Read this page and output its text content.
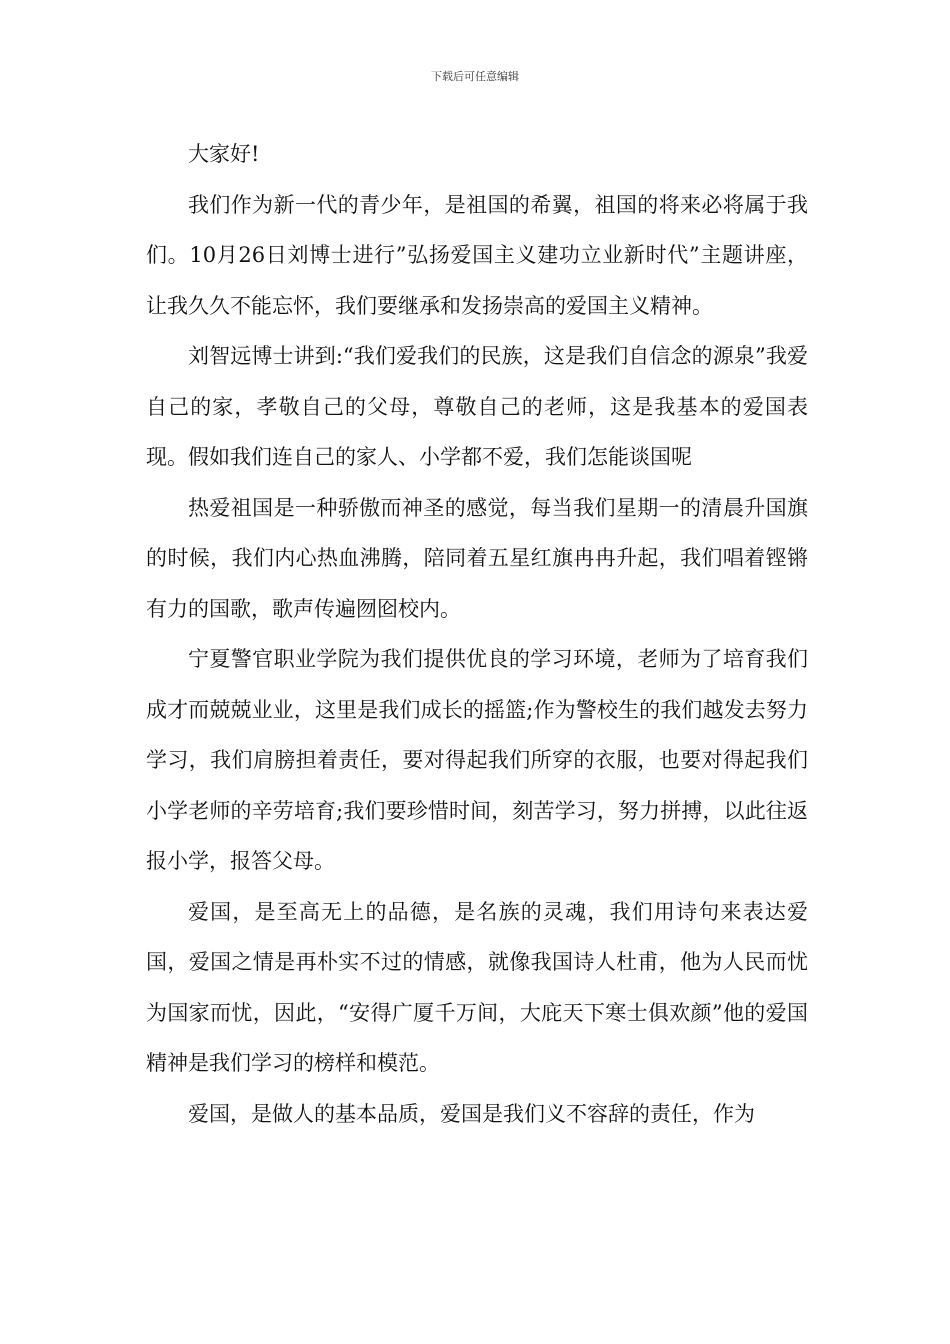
下载后可任意编辑

大家好!

我们作为新一代的青少年，是祖国的希翼，祖国的将来必将属于我们。10月26日刘博士进行”弘扬爱国主义建功立业新时代”主题讲座，让我久久不能忘怀，我们要继承和发扬崇高的爱国主义精神。

刘智远博士讲到:“我们爱我们的民族，这是我们自信念的源泉”我爱自己的家，孝敬自己的父母，尊敬自己的老师，这是我基本的爱国表现。假如我们连自己的家人、小学都不爱，我们怎能谈国呢

热爱祖国是一种骄傲而神圣的感觉，每当我们星期一的清晨升国旗的时候，我们内心热血沸腾，陪同着五星红旗冉冉升起，我们唱着铿锵有力的国歌，歌声传遍囫囵校内。

宁夏警官职业学院为我们提供优良的学习环境，老师为了培育我们成才而兢兢业业，这里是我们成长的摇篮;作为警校生的我们越发去努力学习，我们肩膀担着责任，要对得起我们所穿的衣服，也要对得起我们小学老师的辛劳培育;我们要珍惜时间，刻苦学习，努力拼搏，以此往返报小学，报答父母。

爱国，是至高无上的品德，是名族的灵魂，我们用诗句来表达爱国，爱国之情是再朴实不过的情感，就像我国诗人杜甫，他为人民而忧为国家而忧，因此，“安得广厦千万间，大庇天下寒士俱欢颜”他的爱国精神是我们学习的榜样和模范。

爱国，是做人的基本品质，爱国是我们义不容辞的责任，作为
